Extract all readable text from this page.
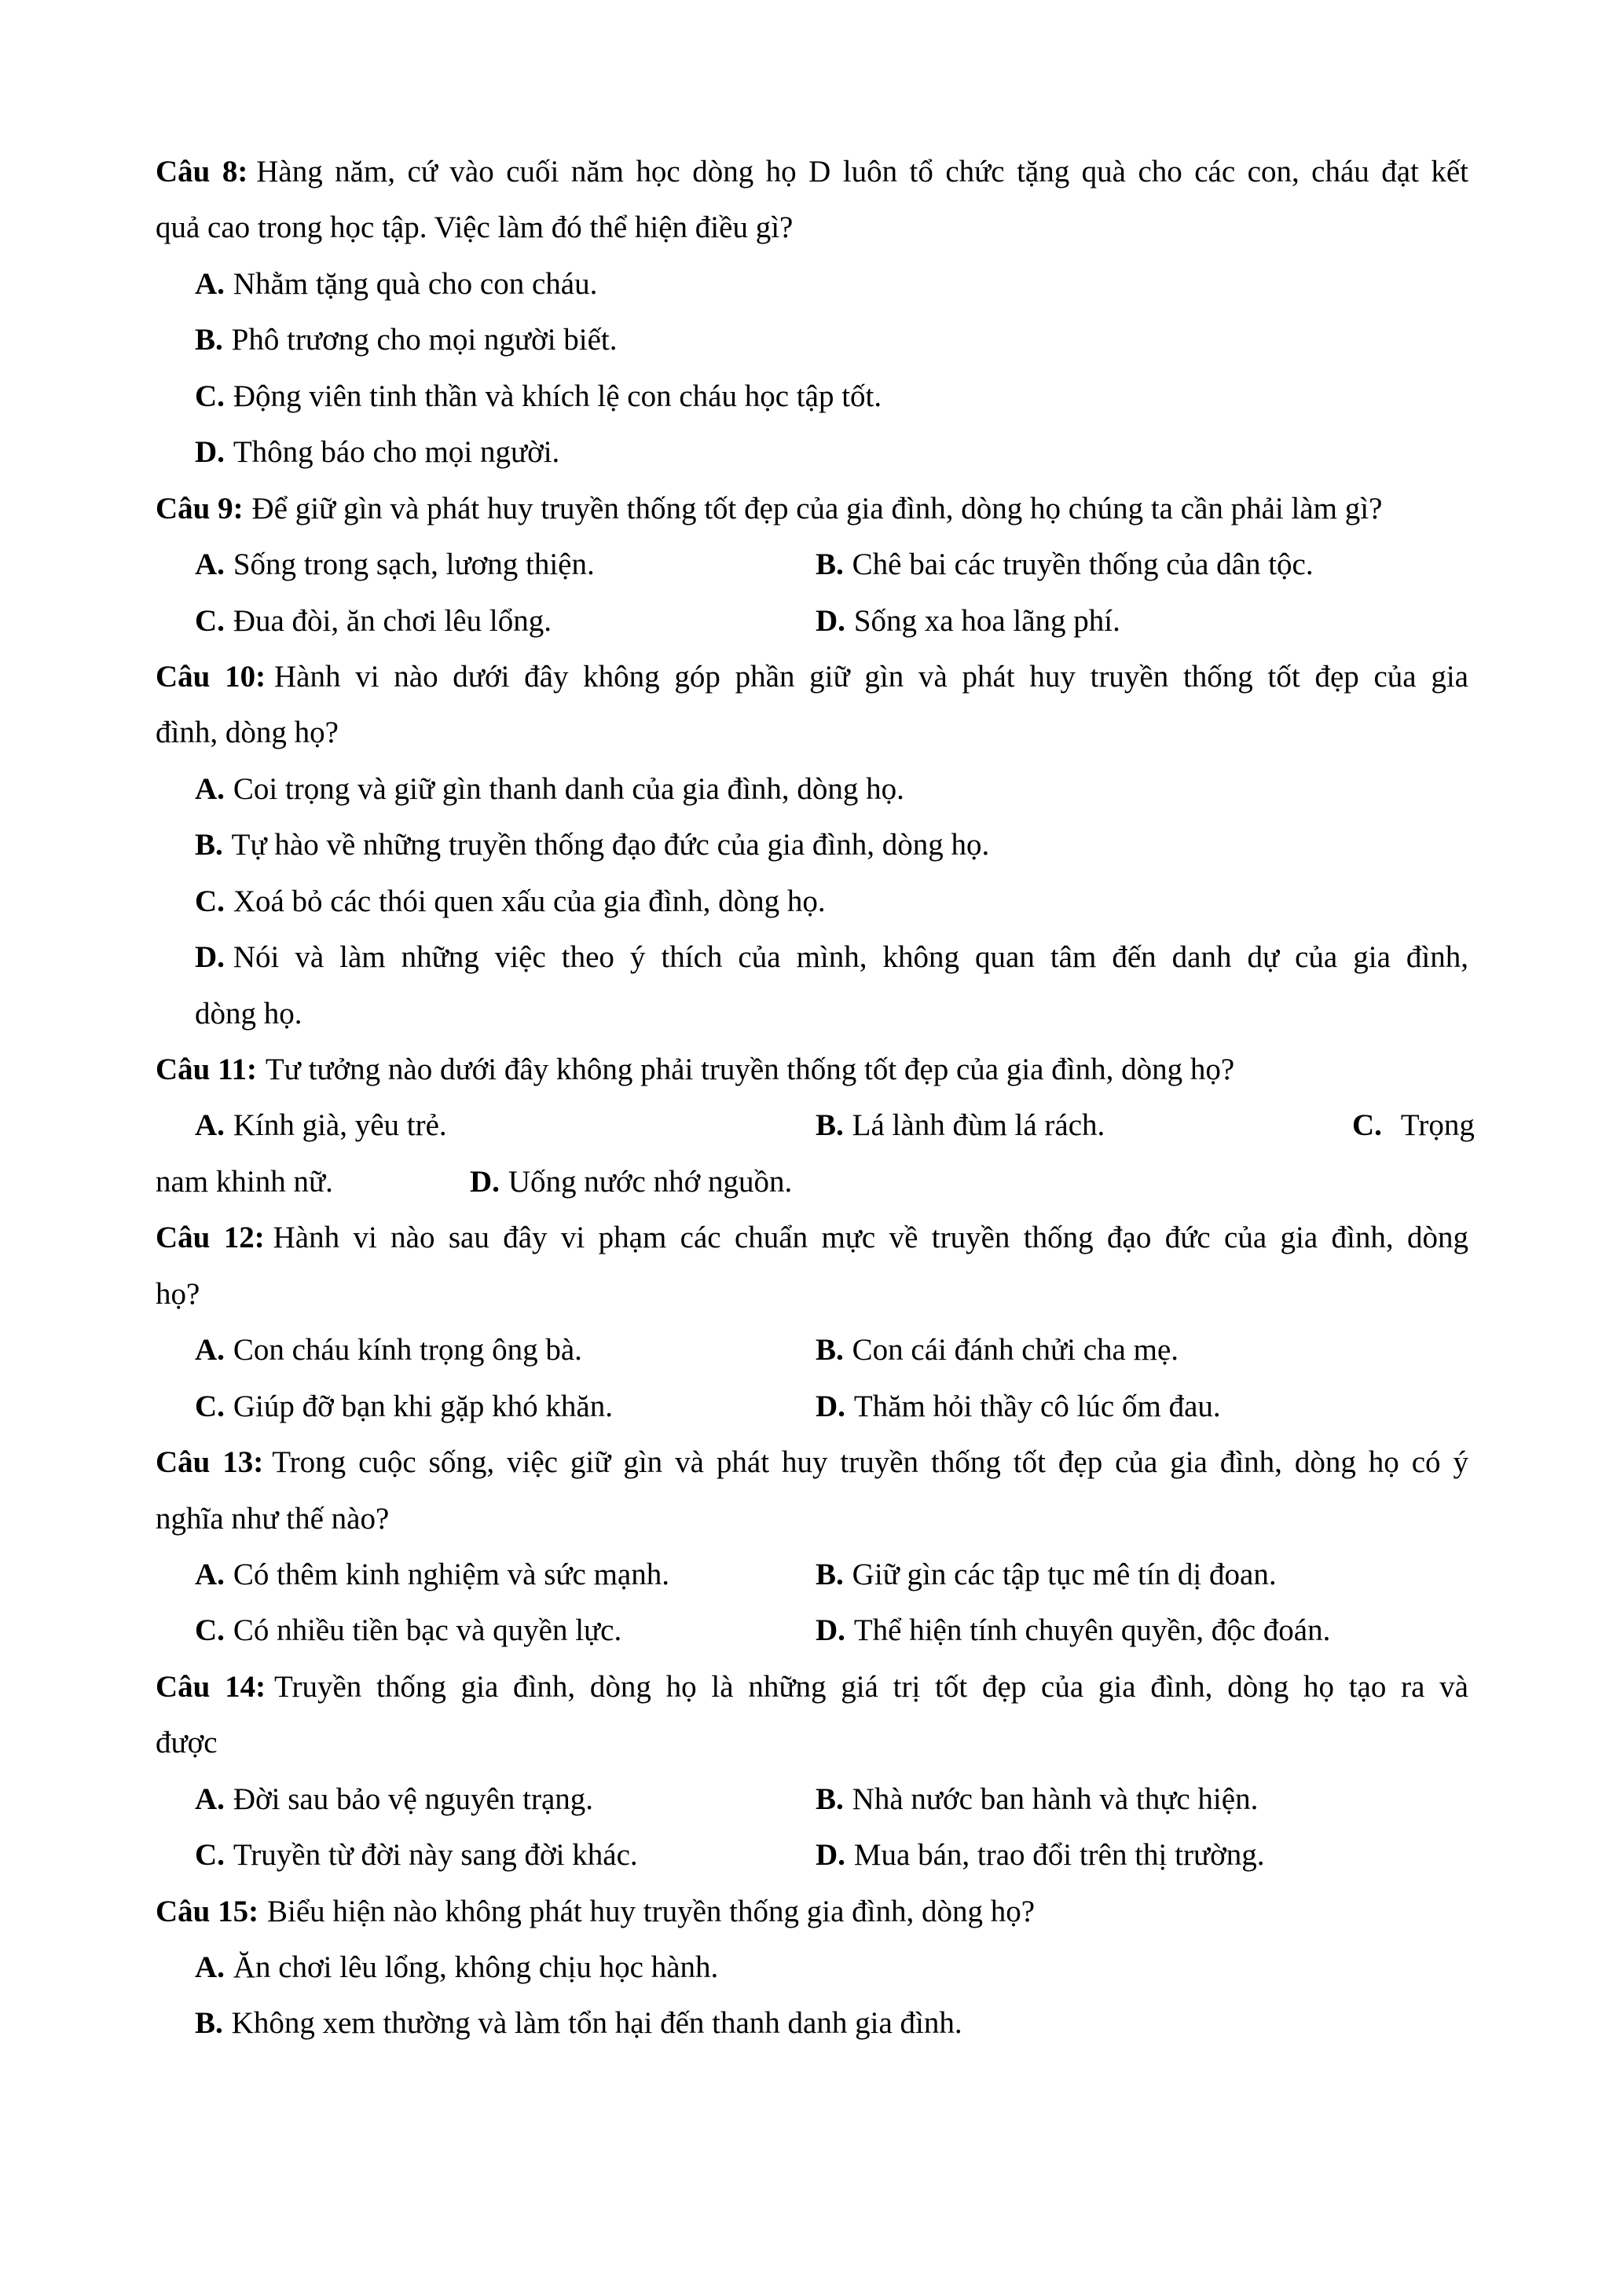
Câu 8: Hàng năm, cứ vào cuối năm học dòng họ D luôn tổ chức tặng quà cho các con, cháu đạt kết
quả cao trong học tập. Việc làm đó thể hiện điều gì?
A. Nhằm tặng quà cho con cháu.
B. Phô trương cho mọi người biết.
C. Động viên tinh thần và khích lệ con cháu học tập tốt.
D. Thông báo cho mọi người.
Câu 9: Để giữ gìn và phát huy truyền thống tốt đẹp của gia đình, dòng họ chúng ta cần phải làm gì?
A. Sống trong sạch, lương thiện.	B. Chê bai các truyền thống của dân tộc.
C. Đua đòi, ăn chơi lêu lổng.	D. Sống xa hoa lãng phí.
Câu 10: Hành vi nào dưới đây không góp phần giữ gìn và phát huy truyền thống tốt đẹp của gia
đình, dòng họ?
A. Coi trọng và giữ gìn thanh danh của gia đình, dòng họ.
B. Tự hào về những truyền thống đạo đức của gia đình, dòng họ.
C. Xoá bỏ các thói quen xấu của gia đình, dòng họ.
D. Nói và làm những việc theo ý thích của mình, không quan tâm đến danh dự của gia đình,
dòng họ.
Câu 11: Tư tưởng nào dưới đây không phải truyền thống tốt đẹp của gia đình, dòng họ?
A. Kính già, yêu trẻ.	B. Lá lành đùm lá rách.	C. Trọng
nam khinh nữ.	D. Uống nước nhớ nguồn.
Câu 12: Hành vi nào sau đây vi phạm các chuẩn mực về truyền thống đạo đức của gia đình, dòng
họ?
A. Con cháu kính trọng ông bà.	B. Con cái đánh chửi cha mẹ.
C. Giúp đỡ bạn khi gặp khó khăn.	D. Thăm hỏi thầy cô lúc ốm đau.
Câu 13: Trong cuộc sống, việc giữ gìn và phát huy truyền thống tốt đẹp của gia đình, dòng họ có ý
nghĩa như thế nào?
A. Có thêm kinh nghiệm và sức mạnh.	B. Giữ gìn các tập tục mê tín dị đoan.
C. Có nhiều tiền bạc và quyền lực.	D. Thể hiện tính chuyên quyền, độc đoán.
Câu 14: Truyền thống gia đình, dòng họ là những giá trị tốt đẹp của gia đình, dòng họ tạo ra và
được
A. Đời sau bảo vệ nguyên trạng.	B. Nhà nước ban hành và thực hiện.
C. Truyền từ đời này sang đời khác.	D. Mua bán, trao đổi trên thị trường.
Câu 15: Biểu hiện nào không phát huy truyền thống gia đình, dòng họ?
A. Ăn chơi lêu lổng, không chịu học hành.
B. Không xem thường và làm tổn hại đến thanh danh gia đình.
